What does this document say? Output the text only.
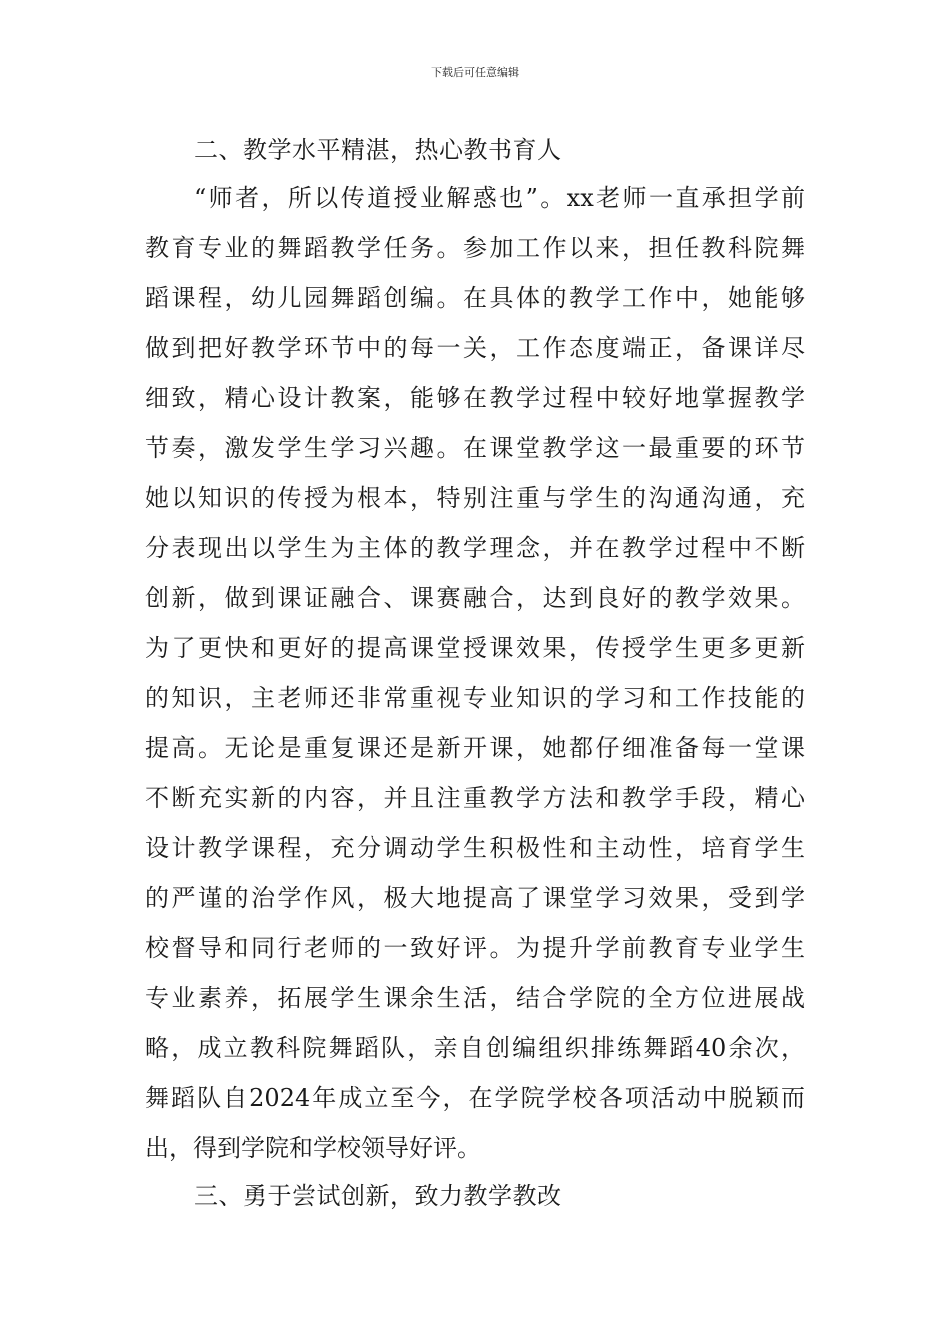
下载后可任意编辑
二、教学水平精湛，热心教书育人
“师者，所以传道授业解惑也”。xx老师一直承担学前
教育专业的舞蹈教学任务。参加工作以来，担任教科院舞
蹈课程，幼儿园舞蹈创编。在具体的教学工作中，她能够
做到把好教学环节中的每一关，工作态度端正，备课详尽
细致，精心设计教案，能够在教学过程中较好地掌握教学
节奏，激发学生学习兴趣。在课堂教学这一最重要的环节
她以知识的传授为根本，特别注重与学生的沟通沟通，充
分表现出以学生为主体的教学理念，并在教学过程中不断
创新，做到课证融合、课赛融合，达到良好的教学效果。
为了更快和更好的提高课堂授课效果，传授学生更多更新
的知识，主老师还非常重视专业知识的学习和工作技能的
提高。无论是重复课还是新开课，她都仔细准备每一堂课
不断充实新的内容，并且注重教学方法和教学手段，精心
设计教学课程，充分调动学生积极性和主动性，培育学生
的严谨的治学作风，极大地提高了课堂学习效果，受到学
校督导和同行老师的一致好评。为提升学前教育专业学生
专业素养，拓展学生课余生活，结合学院的全方位进展战
略，成立教科院舞蹈队，亲自创编组织排练舞蹈40余次，
舞蹈队自2024年成立至今，在学院学校各项活动中脱颖而
出，得到学院和学校领导好评。
三、勇于尝试创新，致力教学教改
